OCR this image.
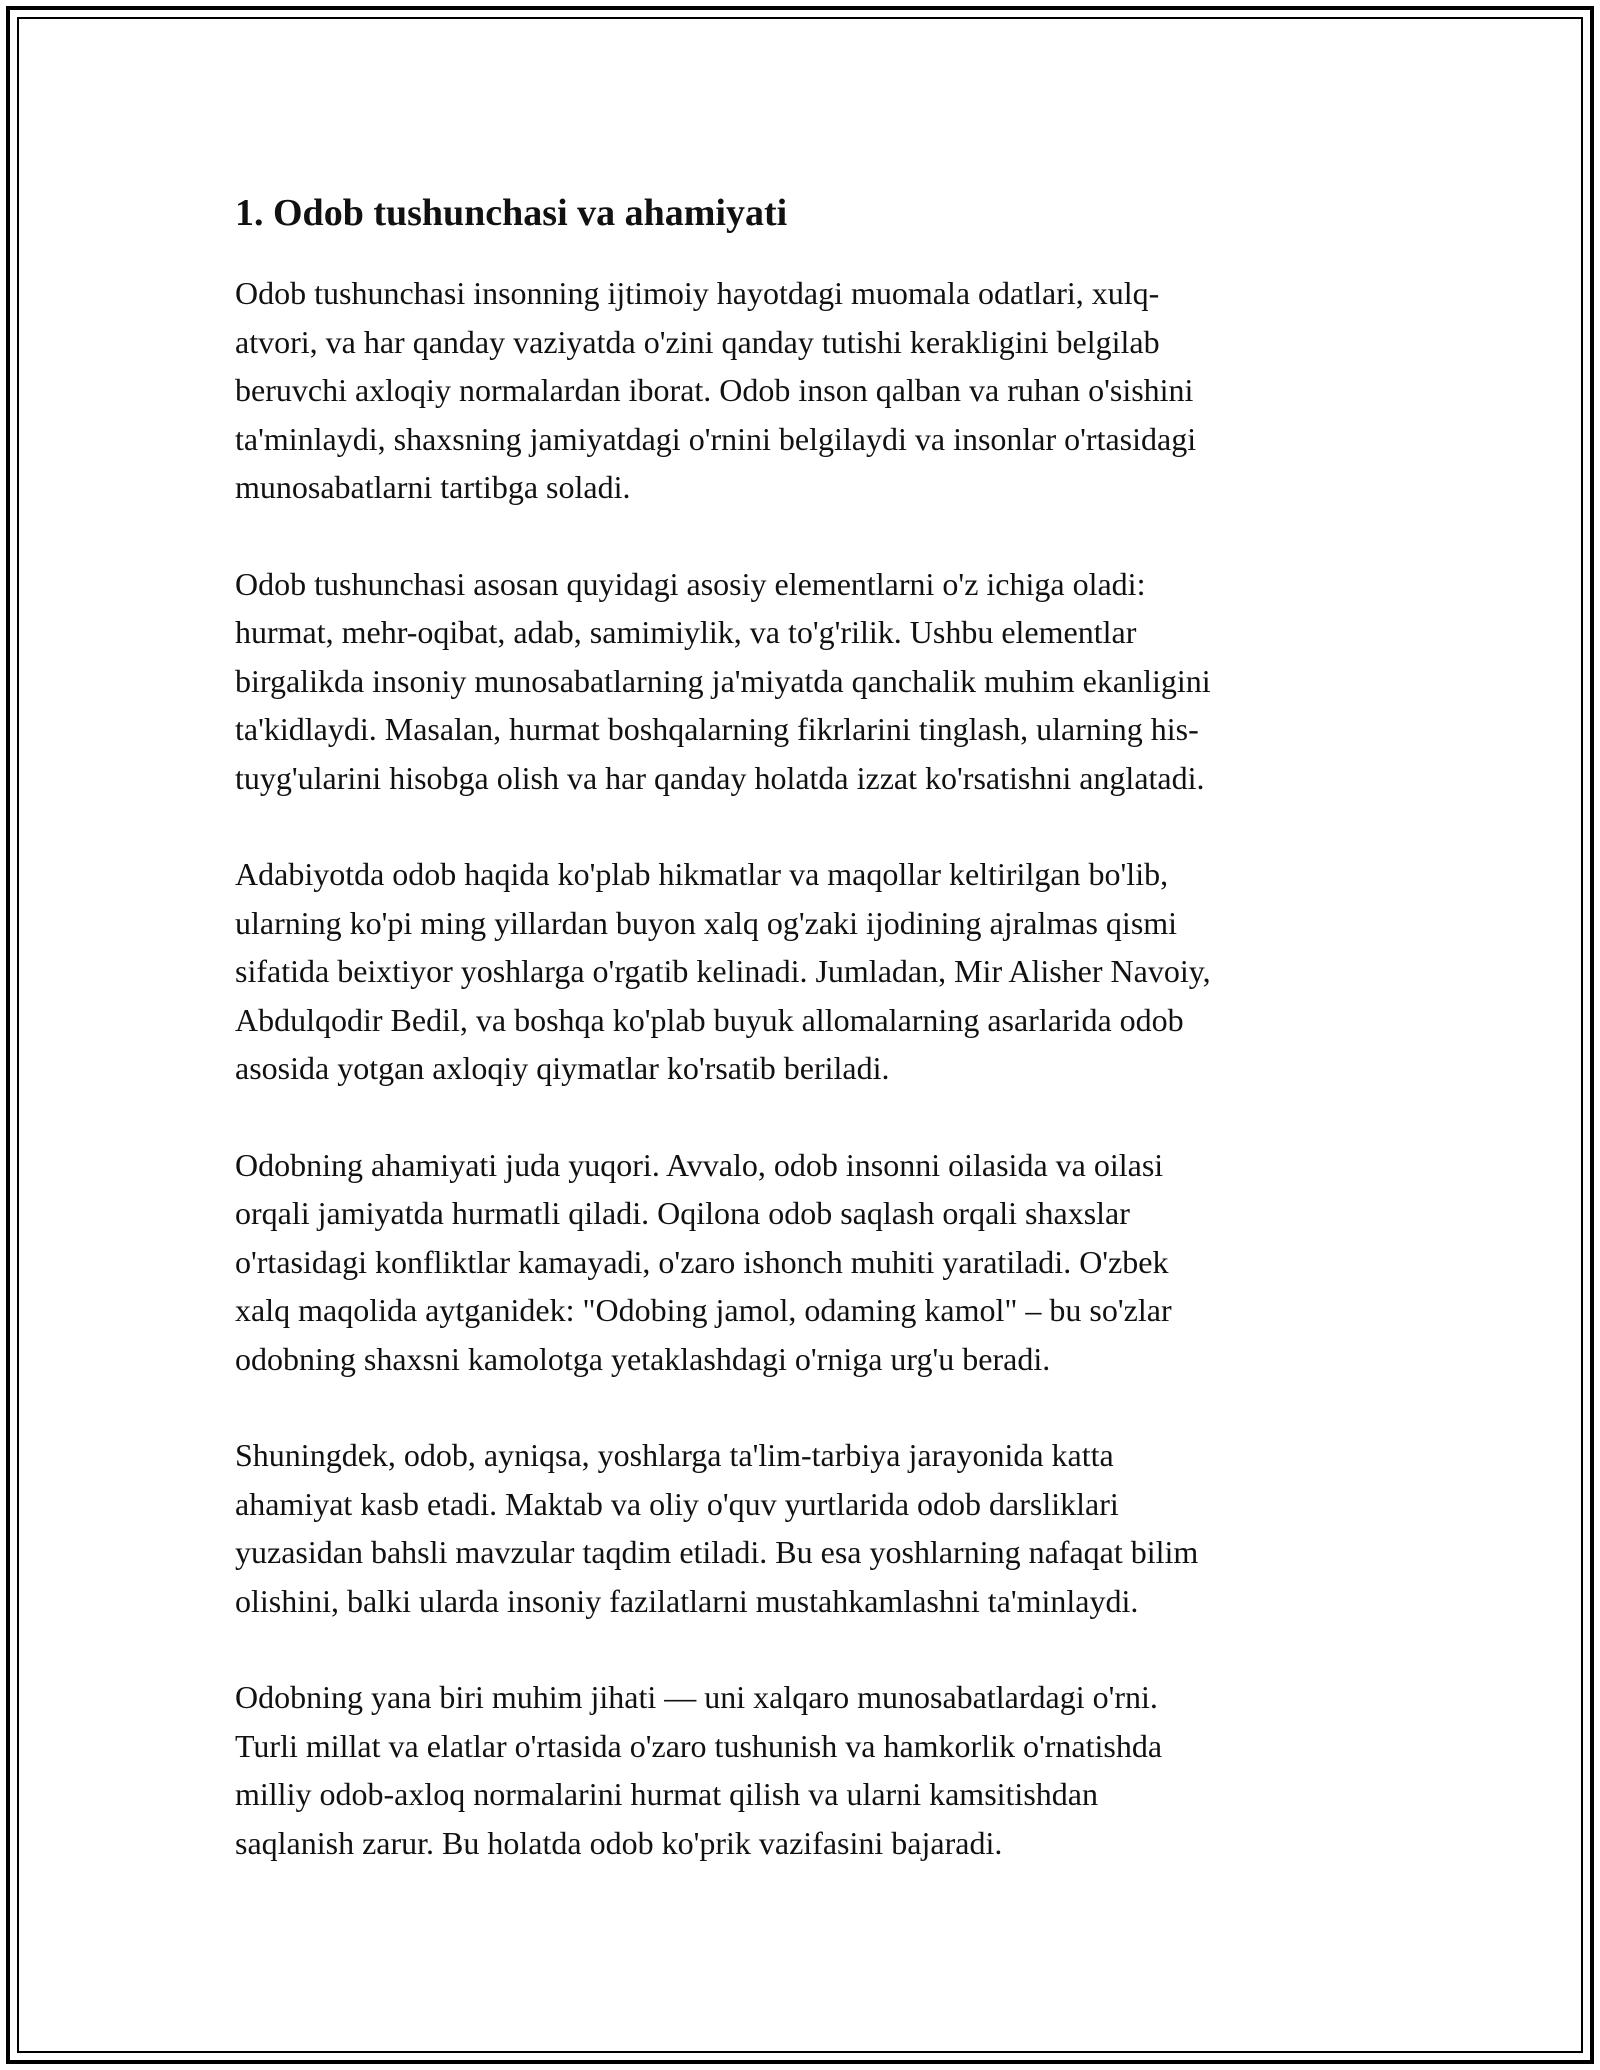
1. Odob tushunchasi va ahamiyati

Odob tushunchasi insonning ijtimoiy hayotdagi muomala odatlari, xulq-
atvori, va har qanday vaziyatda o'zini qanday tutishi kerakligini belgilab
beruvchi axloqiy normalardan iborat. Odob inson qalban va ruhan o'sishini
ta'minlaydi, shaxsning jamiyatdagi o'rnini belgilaydi va insonlar o'rtasidagi
munosabatlarni tartibga soladi.

Odob tushunchasi asosan quyidagi asosiy elementlarni o'z ichiga oladi:
hurmat, mehr-oqibat, adab, samimiylik, va to'g'rilik. Ushbu elementlar
birgalikda insoniy munosabatlarning ja'miyatda qanchalik muhim ekanligini
ta'kidlaydi. Masalan, hurmat boshqalarning fikrlarini tinglash, ularning his-
tuyg'ularini hisobga olish va har qanday holatda izzat ko'rsatishni anglatadi.

Adabiyotda odob haqida ko'plab hikmatlar va maqollar keltirilgan bo'lib,
ularning ko'pi ming yillardan buyon xalq og'zaki ijodining ajralmas qismi
sifatida beixtiyor yoshlarga o'rgatib kelinadi. Jumladan, Mir Alisher Navoiy,
Abdulqodir Bedil, va boshqa ko'plab buyuk allomalarning asarlarida odob
asosida yotgan axloqiy qiymatlar ko'rsatib beriladi.

Odobning ahamiyati juda yuqori. Avvalo, odob insonni oilasida va oilasi
orqali jamiyatda hurmatli qiladi. Oqilona odob saqlash orqali shaxslar
o'rtasidagi konfliktlar kamayadi, o'zaro ishonch muhiti yaratiladi. O'zbek
xalq maqolida aytganidek: "Odobing jamol, odaming kamol" – bu so'zlar
odobning shaxsni kamolotga yetaklashdagi o'rniga urg'u beradi.

Shuningdek, odob, ayniqsa, yoshlarga ta'lim-tarbiya jarayonida katta
ahamiyat kasb etadi. Maktab va oliy o'quv yurtlarida odob darsliklari
yuzasidan bahsli mavzular taqdim etiladi. Bu esa yoshlarning nafaqat bilim
olishini, balki ularda insoniy fazilatlarni mustahkamlashni ta'minlaydi.

Odobning yana biri muhim jihati — uni xalqaro munosabatlardagi o'rni.
Turli millat va elatlar o'rtasida o'zaro tushunish va hamkorlik o'rnatishda
milliy odob-axloq normalarini hurmat qilish va ularni kamsitishdan
saqlanish zarur. Bu holatda odob ko'prik vazifasini bajaradi.
